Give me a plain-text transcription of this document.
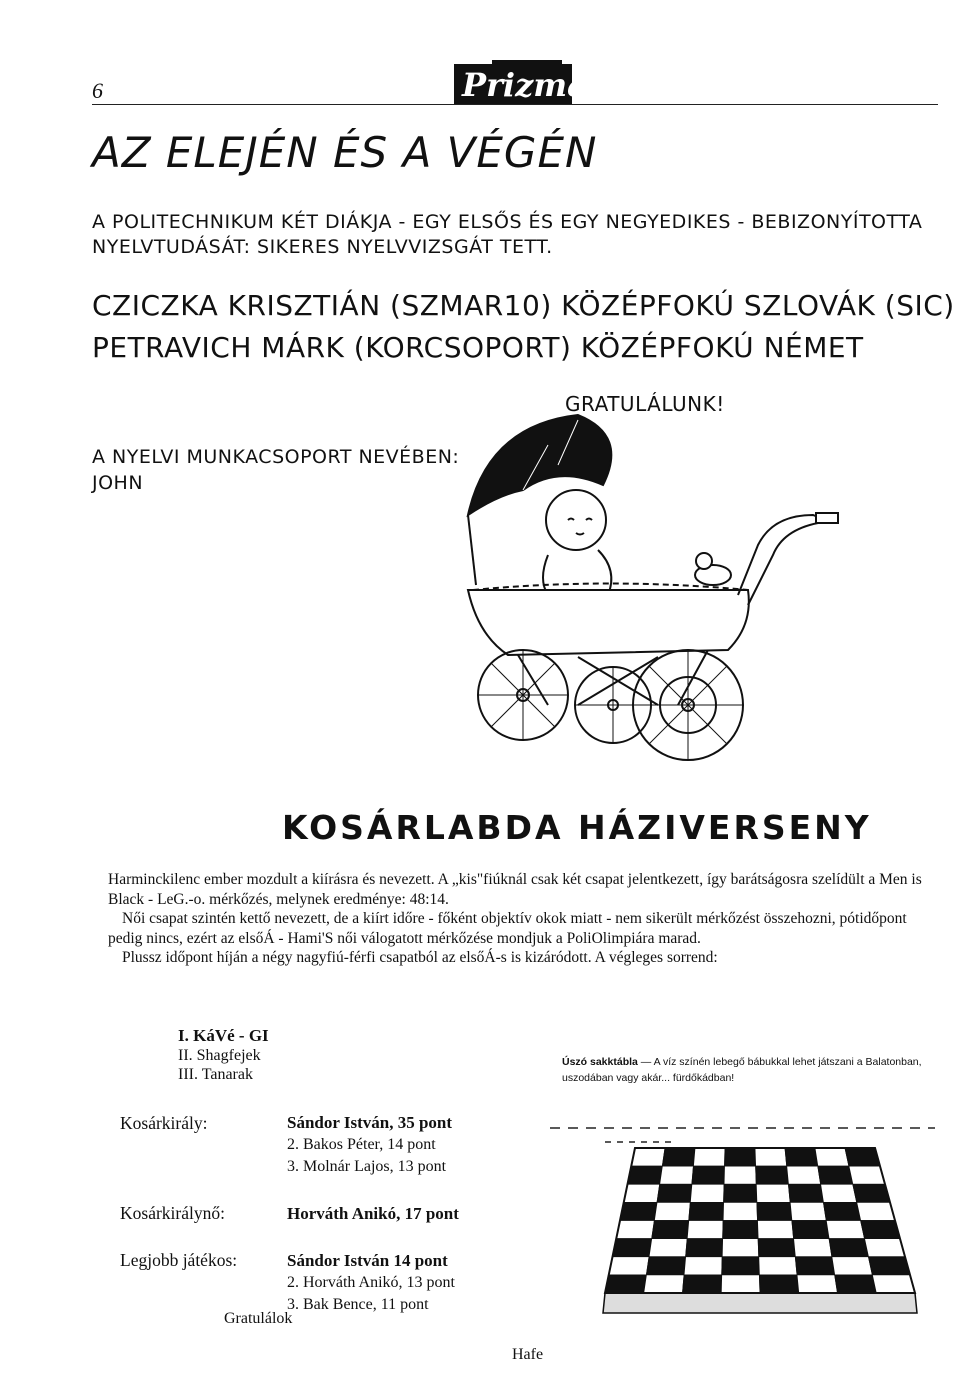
6	Prizmáf
AZ ELEJÉN ÉS A VÉGÉN
A POLITECHNIKUM KÉT DIÁKJA - EGY ELSŐS ÉS EGY NEGYEDIKES - BEBIZONYÍTOTTA NYELVTUDÁSÁT: SIKERES NYELVVIZSGÁT TETT.
CZICZKA KRISZTIÁN (SZMAR10) KÖZÉPFOKÚ SZLOVÁK (SIC)
PETRAVICH MÁRK (KORCSOPORT) KÖZÉPFOKÚ NÉMET
GRATULÁLUNK!
A NYELVI MUNKACSOPORT NEVÉBEN:
JOHN
KOSÁRLABDA HÁZIVERSENY

Harminckilenc ember mozdult a kiírásra és nevezett. A „kis"fiúknál csak két csapat jelentkezett, így barátságosra szelídült a Men is Black - LeG.-o. mérkőzés, melynek eredménye: 48:14.

Női csapat szintén kettő nevezett, de a kiírt időre - főként objektív okok miatt - nem sikerült mérkőzést összehozni, pótidőpont pedig nincs, ezért az elsőÁ - Hami'S női válogatott mérkőzése mondjuk a PoliOlimpiára marad.

Plussz időpont híján a négy nagyfiú-férfi csapatból az elsőÁ-s is kizáródott. A végleges sorrend:

I. KáVé - GI
II. Shagfejek
III. Tanarak
Úszó sakktábla — A víz színén lebegő bábukkal lehet játszani a Balatonban, uszodában vagy akár... fürdőkádban!
Kosárkirály:	Sándor István, 35 pont
2. Bakos Péter, 14 pont
3. Molnár Lajos, 13 pont
Kosárkirálynő:	Horváth Anikó, 17 pont
Legjobb játékos:	Sándor István 14 pont
2. Horváth Anikó, 13 pont
3. Bak Bence, 11 pont
Gratulálok
Hafe
